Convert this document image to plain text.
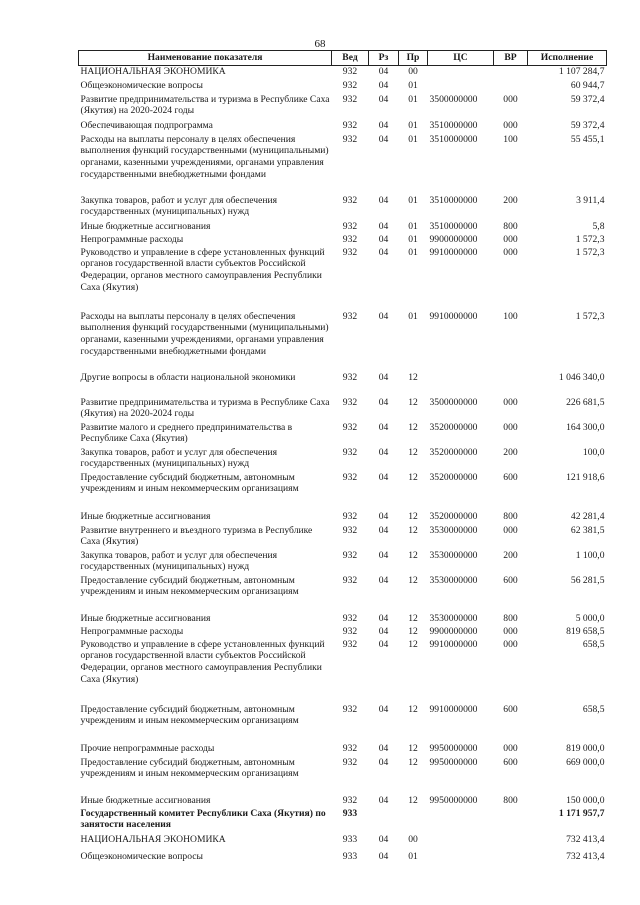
68
Наименование показателя	Вед	Рз	Пр	ЦС	ВР	Исполнение
НАЦИОНАЛЬНАЯ ЭКОНОМИКА	932	04	00			1 107 284,7
Общеэкономические вопросы	932	04	01			60 944,7
Развитие предпринимательства и туризма в Республике Саха (Якутия) на 2020-2024 годы	932	04	01	3500000000	000	59 372,4
Обеспечивающая подпрограмма	932	04	01	3510000000	000	59 372,4
Расходы на выплаты персоналу в целях обеспечения выполнения функций государственными (муниципальными) органами, казенными учреждениями, органами управления государственными внебюджетными фондами	932	04	01	3510000000	100	55 455,1
Закупка товаров, работ и услуг для обеспечения государственных (муниципальных) нужд	932	04	01	3510000000	200	3 911,4
Иные бюджетные ассигнования	932	04	01	3510000000	800	5,8
Непрограммные расходы	932	04	01	9900000000	000	1 572,3
Руководство и управление в сфере установленных функций органов государственной власти субъектов Российской Федерации, органов местного самоуправления Республики Саха (Якутия)	932	04	01	9910000000	000	1 572,3
Расходы на выплаты персоналу в целях обеспечения выполнения функций государственными (муниципальными) органами, казенными учреждениями, органами управления государственными внебюджетными фондами	932	04	01	9910000000	100	1 572,3
Другие вопросы в области национальной экономики	932	04	12			1 046 340,0
Развитие предпринимательства и туризма в Республике Саха (Якутия) на 2020-2024 годы	932	04	12	3500000000	000	226 681,5
Развитие малого и среднего предпринимательства в Республике Саха (Якутия)	932	04	12	3520000000	000	164 300,0
Закупка товаров, работ и услуг для обеспечения государственных (муниципальных) нужд	932	04	12	3520000000	200	100,0
Предоставление субсидий бюджетным, автономным учреждениям и иным некоммерческим организациям	932	04	12	3520000000	600	121 918,6
Иные бюджетные ассигнования	932	04	12	3520000000	800	42 281,4
Развитие внутреннего и въездного туризма в Республике Саха (Якутия)	932	04	12	3530000000	000	62 381,5
Закупка товаров, работ и услуг для обеспечения государственных (муниципальных) нужд	932	04	12	3530000000	200	1 100,0
Предоставление субсидий бюджетным, автономным учреждениям и иным некоммерческим организациям	932	04	12	3530000000	600	56 281,5
Иные бюджетные ассигнования	932	04	12	3530000000	800	5 000,0
Непрограммные расходы	932	04	12	9900000000	000	819 658,5
Руководство и управление в сфере установленных функций органов государственной власти субъектов Российской Федерации, органов местного самоуправления Республики Саха (Якутия)	932	04	12	9910000000	000	658,5
Предоставление субсидий бюджетным, автономным учреждениям и иным некоммерческим организациям	932	04	12	9910000000	600	658,5
Прочие непрограммные расходы	932	04	12	9950000000	000	819 000,0
Предоставление субсидий бюджетным, автономным учреждениям и иным некоммерческим организациям	932	04	12	9950000000	600	669 000,0
Иные бюджетные ассигнования	932	04	12	9950000000	800	150 000,0
Государственный комитет Республики Саха (Якутия) по занятости населения	933					1 171 957,7
НАЦИОНАЛЬНАЯ ЭКОНОМИКА	933	04	00			732 413,4
Общеэкономические вопросы	933	04	01			732 413,4
